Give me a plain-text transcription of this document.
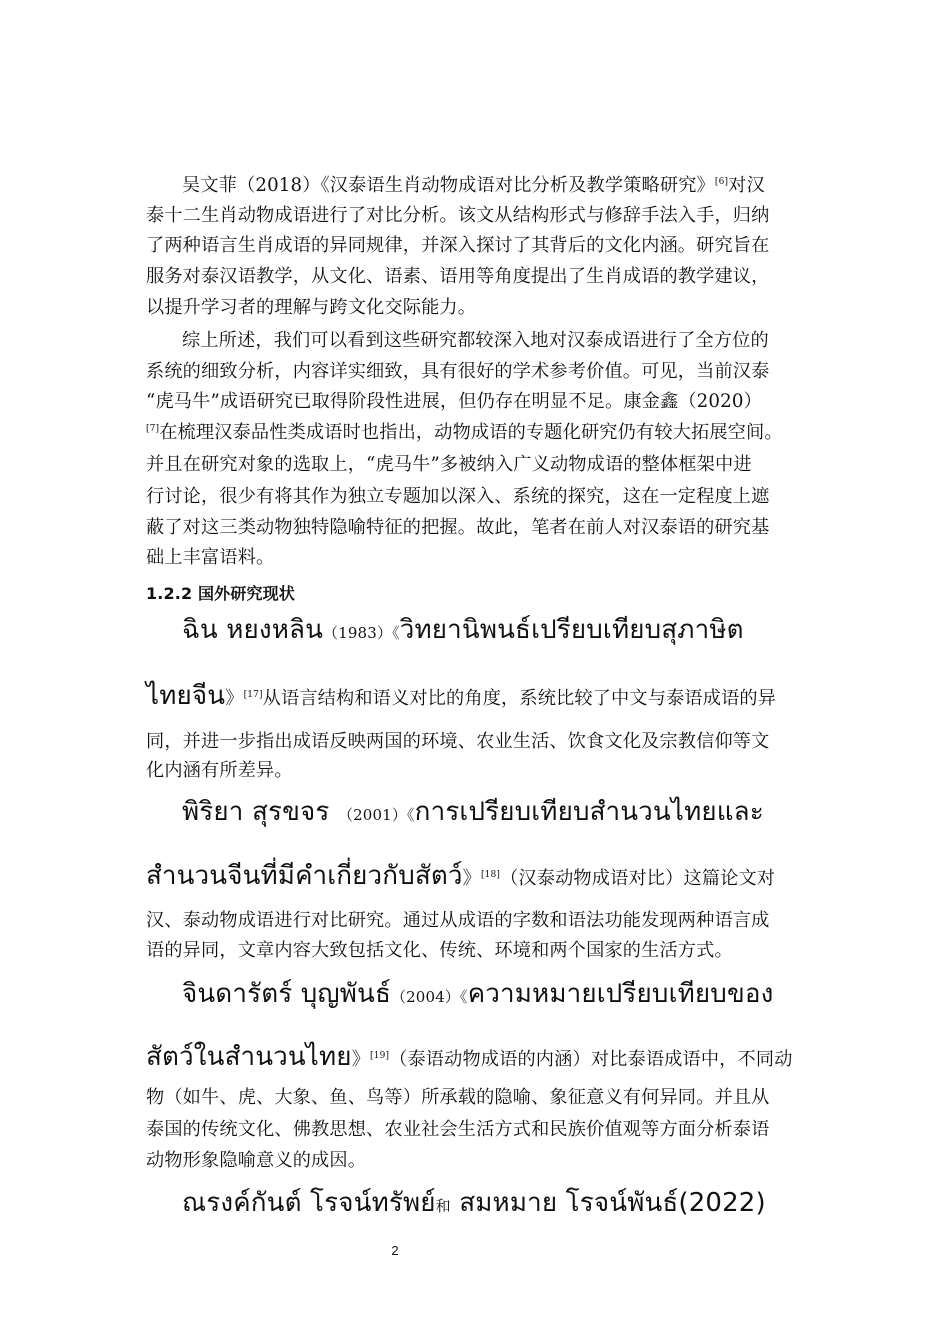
吴文菲（2018）《汉泰语生肖动物成语对比分析及教学策略研究》[6]对汉
泰十二生肖动物成语进行了对比分析。该文从结构形式与修辞手法入手，归纳
了两种语言生肖成语的异同规律，并深入探讨了其背后的文化内涵。研究旨在
服务对泰汉语教学，从文化、语素、语用等角度提出了生肖成语的教学建议，
以提升学习者的理解与跨文化交际能力。
综上所述，我们可以看到这些研究都较深入地对汉泰成语进行了全方位的
系统的细致分析，内容详实细致，具有很好的学术参考价值。可见，当前汉泰
“虎马牛”成语研究已取得阶段性进展，但仍存在明显不足。康金鑫（2020）
[7]在梳理汉泰品性类成语时也指出，动物成语的专题化研究仍有较大拓展空间。
并且在研究对象的选取上，“虎马牛”多被纳入广义动物成语的整体框架中进
行讨论，很少有将其作为独立专题加以深入、系统的探究，这在一定程度上遮
蔽了对这三类动物独特隐喻特征的把握。故此，笔者在前人对汉泰语的研究基
础上丰富语料。
1.2.2 国外研究现状
ฉิน หยงหลิน（1983）《วิทยานิพนธ์เปรียบเทียบสุภาษิต
ไทยจีน》[17]从语言结构和语义对比的角度，系统比较了中文与泰语成语的异
同，并进一步指出成语反映两国的环境、农业生活、饮食文化及宗教信仰等文
化内涵有所差异。
พิริยา สุรขจร （2001）《การเปรียบเทียบสำนวนไทยและ
สำนวนจีนที่มีคำเกี่ยวกับสัตว์》[18]（汉泰动物成语对比）这篇论文对
汉、泰动物成语进行对比研究。通过从成语的字数和语法功能发现两种语言成
语的异同，文章内容大致包括文化、传统、环境和两个国家的生活方式。
จินดารัตร์ บุญพันธ์（2004）《ความหมายเปรียบเทียบของ
สัตว์ในสำนวนไทย》[19]（泰语动物成语的内涵）对比泰语成语中，不同动
物（如牛、虎、大象、鱼、鸟等）所承载的隐喻、象征意义有何异同。并且从
泰国的传统文化、佛教思想、农业社会生活方式和民族价值观等方面分析泰语
动物形象隐喻意义的成因。
ณรงค์กันต์ โรจน์ทรัพย์和 สมหมาย โรจน์พันธ์(2022)
2
